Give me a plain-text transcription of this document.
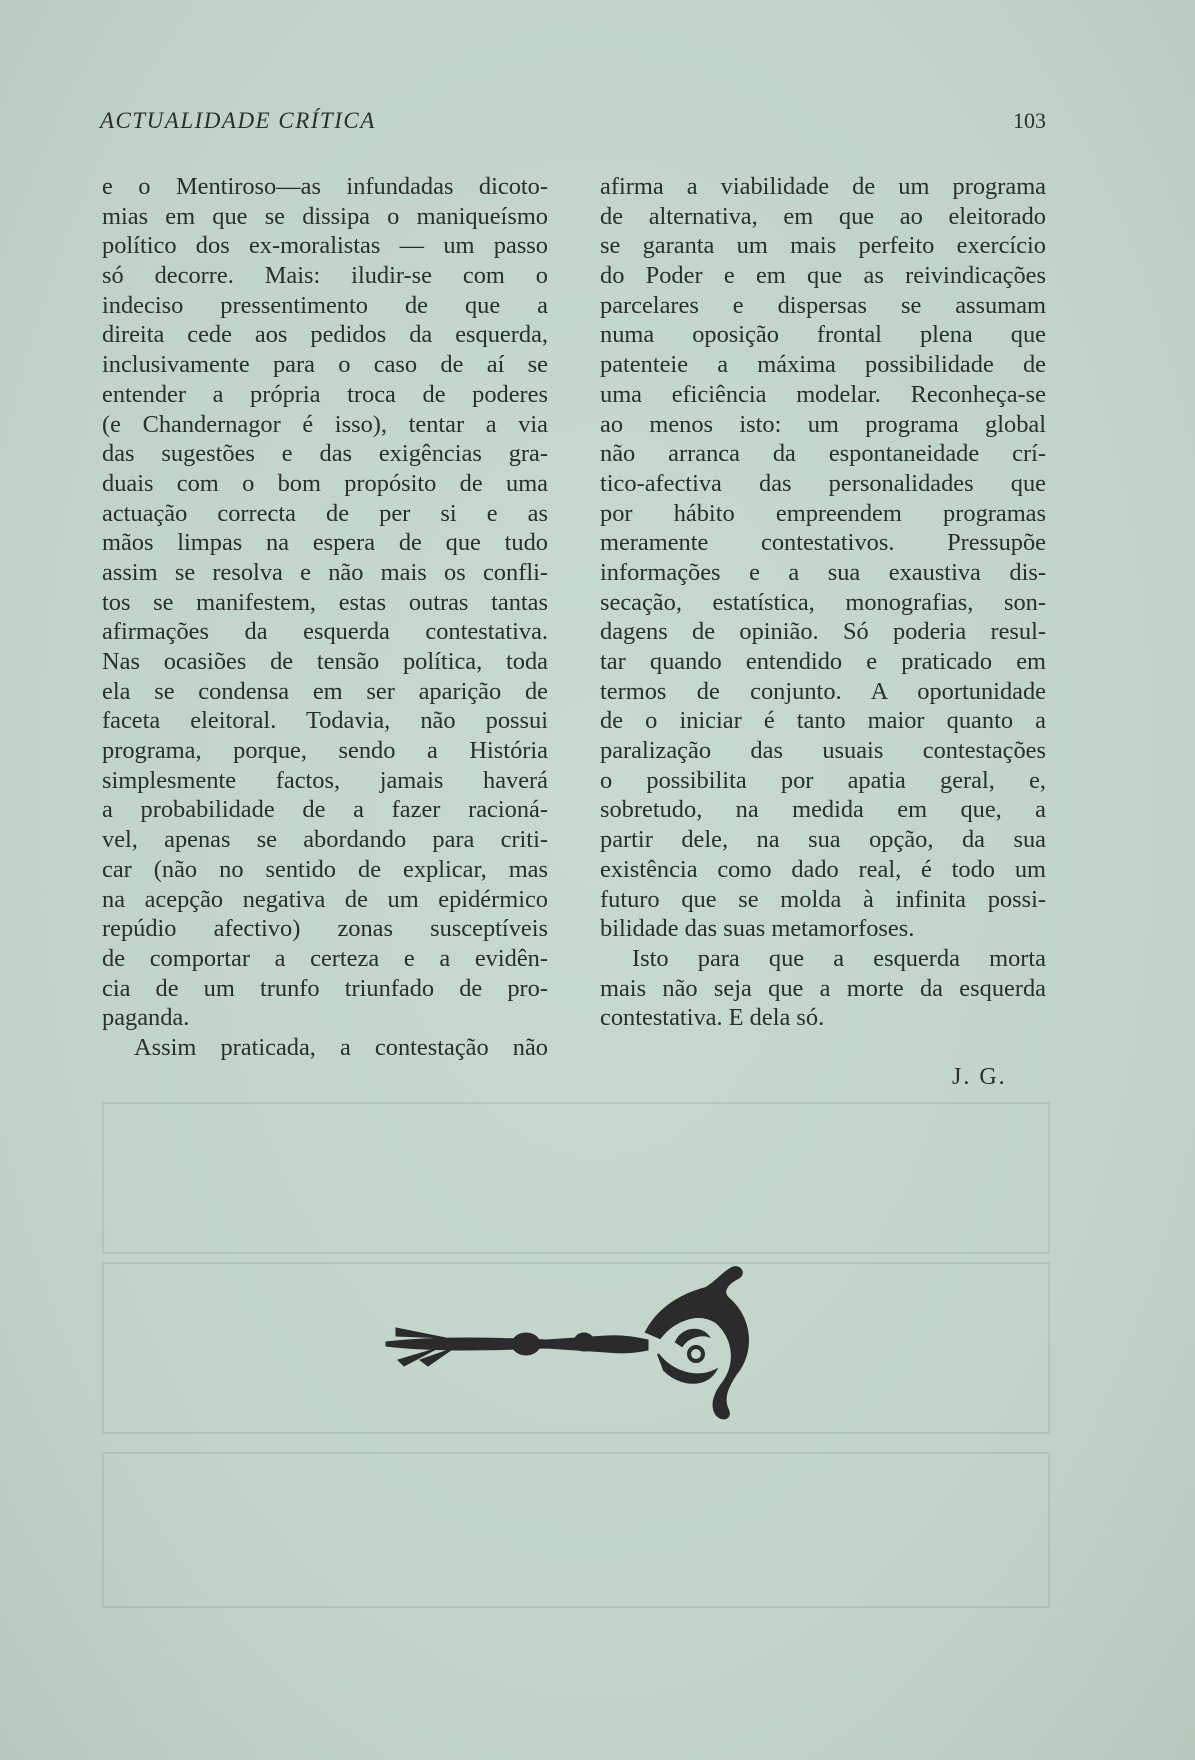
ACTUALIDADE CRÍTICA	103
e o Mentiroso—as infundadas dicoto-
mias em que se dissipa o maniqueísmo
político dos ex-moralistas — um passo
só decorre. Mais: iludir-se com o
indeciso pressentimento de que a
direita cede aos pedidos da esquerda,
inclusivamente para o caso de aí se
entender a própria troca de poderes
(e Chandernagor é isso), tentar a via
das sugestões e das exigências gra-
duais com o bom propósito de uma
actuação correcta de per si e as
mãos limpas na espera de que tudo
assim se resolva e não mais os confli-
tos se manifestem, estas outras tantas
afirmações da esquerda contestativa.
Nas ocasiões de tensão política, toda
ela se condensa em ser aparição de
faceta eleitoral. Todavia, não possui
programa, porque, sendo a História
simplesmente factos, jamais haverá
a probabilidade de a fazer racioná-
vel, apenas se abordando para criti-
car (não no sentido de explicar, mas
na acepção negativa de um epidérmico
repúdio afectivo) zonas susceptíveis
de comportar a certeza e a evidên-
cia de um trunfo triunfado de pro-
paganda.
Assim praticada, a contestação não
afirma a viabilidade de um programa
de alternativa, em que ao eleitorado
se garanta um mais perfeito exercício
do Poder e em que as reivindicações
parcelares e dispersas se assumam
numa oposição frontal plena que
patenteie a máxima possibilidade de
uma eficiência modelar. Reconheça-se
ao menos isto: um programa global
não arranca da espontaneidade crí-
tico-afectiva das personalidades que
por hábito empreendem programas
meramente contestativos. Pressupõe
informações e a sua exaustiva dis-
secação, estatística, monografias, son-
dagens de opinião. Só poderia resul-
tar quando entendido e praticado em
termos de conjunto. A oportunidade
de o iniciar é tanto maior quanto a
paralização das usuais contestações
o possibilita por apatia geral, e,
sobretudo, na medida em que, a
partir dele, na sua opção, da sua
existência como dado real, é todo um
futuro que se molda à infinita possi-
bilidade das suas metamorfoses.
Isto para que a esquerda morta
mais não seja que a morte da esquerda
contestativa. E dela só.
J. G.
